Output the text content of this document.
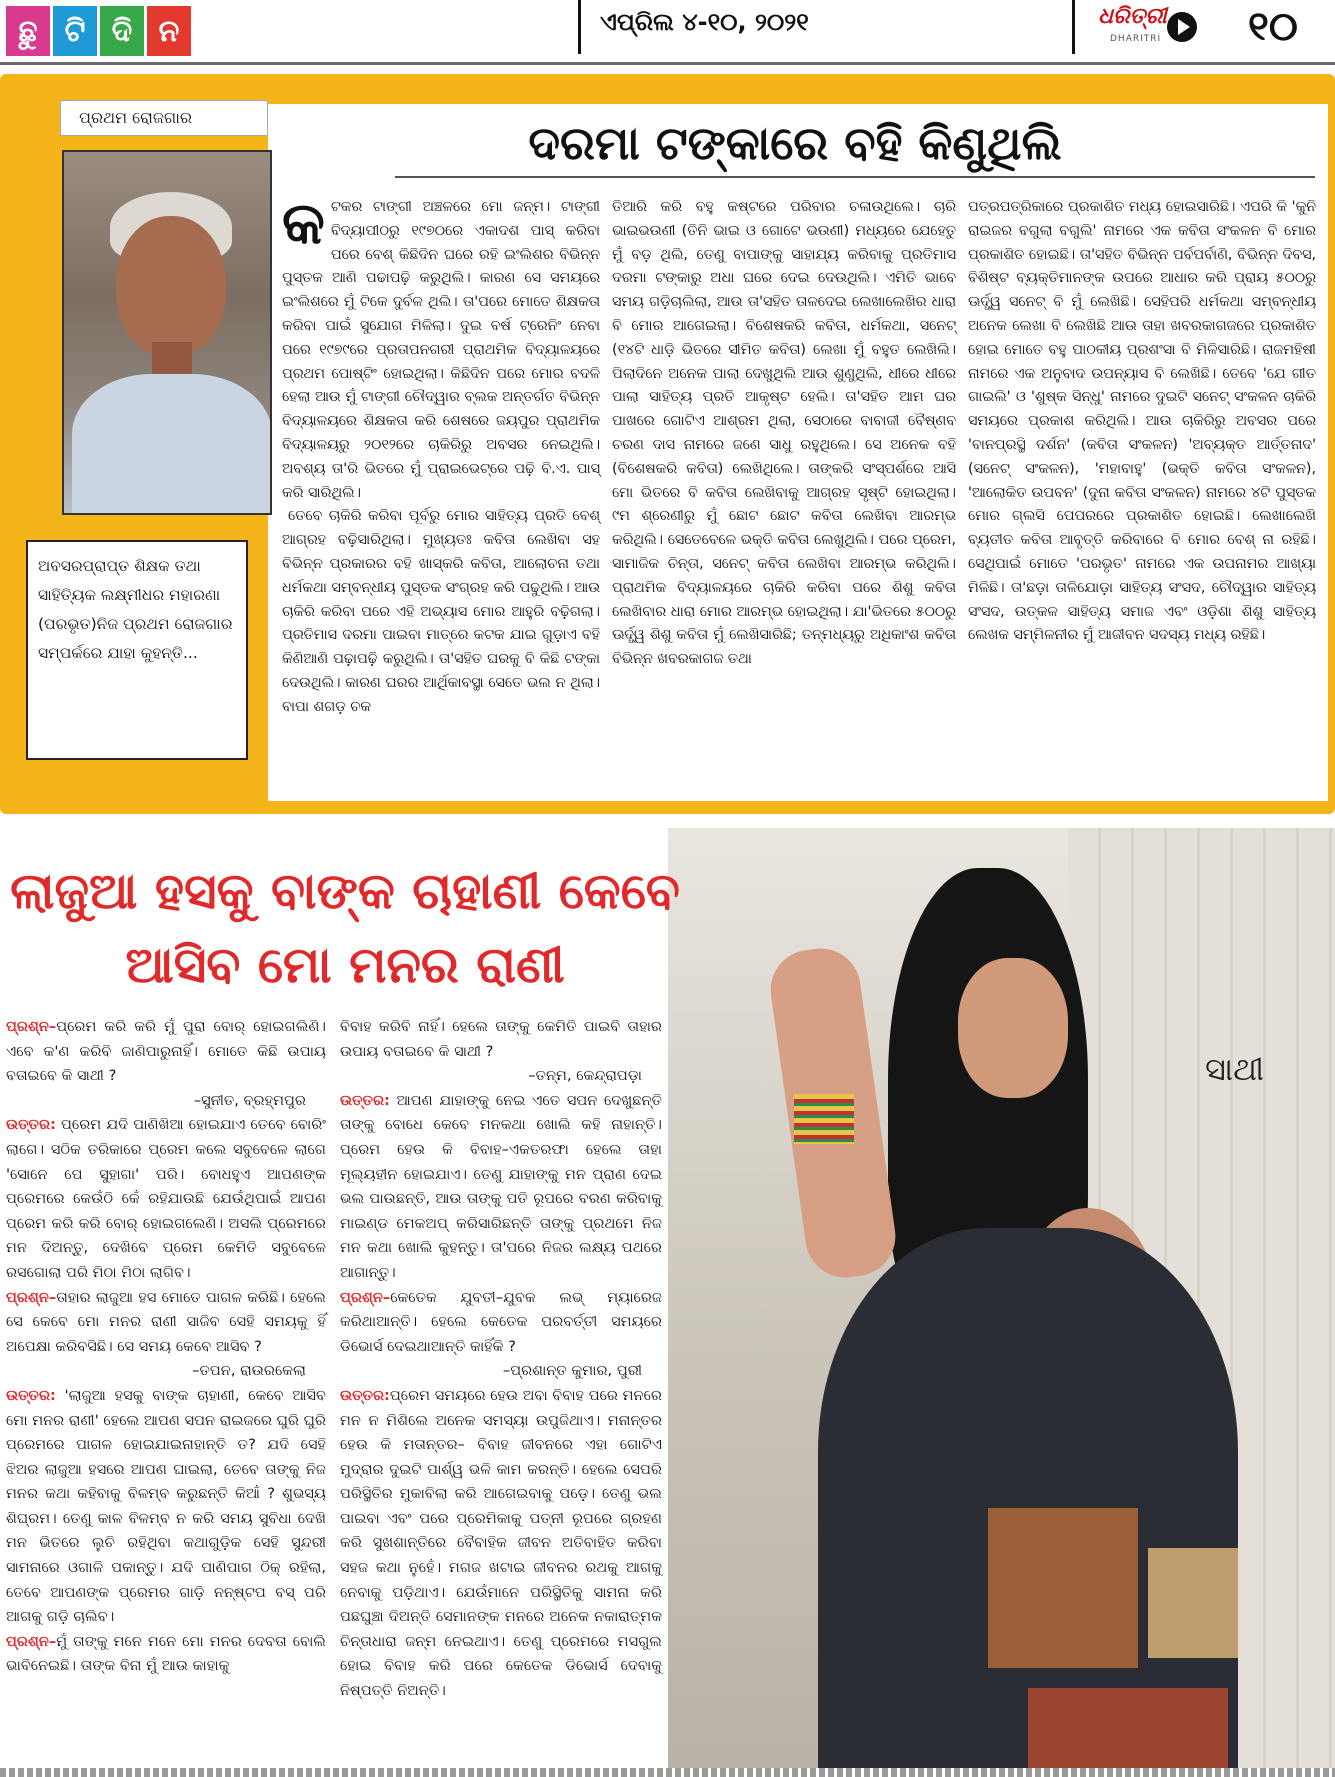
ଛୁ ଟି ଦି ନ	ଏପ୍ରିଲ ୪-୧୦, ୨୦୨୧	ଧରିତ୍ରୀ
DHARITRI ୧୦
ପ୍ରଥମ ରୋଜଗାର
ଅବସରପ୍ରାପ୍ତ ଶିକ୍ଷକ ତଥା ସାହିତ୍ୟିକ ଲକ୍ଷ୍ମୀଧର ମହାରଣା (ପରଭୃତ)ନିଜ ପ୍ରଥମ ରୋଜଗାର ସମ୍ପର୍କରେ ଯାହା କୁହନ୍ତି...
ଦରମା ଟଙ୍କାରେ ବହି କିଣୁଥିଲି
କ ଟକର ଟାଙ୍ଗୀ ଅଞ୍ଚଳରେ ମୋ ଜନ୍ମ। ଟାଙ୍ଗୀ ବିଦ୍ୟାପୀଠରୁ ୧୯୭୦ରେ ଏକାଦଶ ପାସ୍ କରିବା ପରେ ବେଶ୍ କିଛିଦିନ ଘରେ ରହି ଇଂଲିଶର ବିଭିନ୍ନ ପୁସ୍ତକ ଆଣି ପଢାପଢ଼ି କରୁଥିଲି। କାରଣ ସେ ସମୟରେ ଇଂଲିଶରେ ମୁଁ ଟିକେ ଦୁର୍ବଳ ଥିଲି। ତା'ପରେ ମୋତେ ଶିକ୍ଷକତା କରିବା ପାଇଁ ସୁଯୋଗ ମିଳିଲା। ଦୁଇ ବର୍ଷ ଟ୍ରେନିଂ ନେବା ପରେ ୧୯୭୯ରେ ପ୍ରତାପନଗରୀ ପ୍ରାଥମିକ ବିଦ୍ୟାଳୟରେ ପ୍ରଥମ ପୋଷ୍ଟିଂ ହୋଇଥିଲା। କିଛିଦିନ ପରେ ମୋର ବଦଳି ହେଲା ଆଉ ମୁଁ ଟାଙ୍ଗୀ ଚୌଦ୍ୱାର ବ୍ଲକ ଅନ୍ତର୍ଗତ ବିଭିନ୍ନ ବିଦ୍ୟାଳୟରେ ଶିକ୍ଷକତା କରି ଶେଷରେ ଜୟପୁର ପ୍ରାଥମିକ ବିଦ୍ୟାଳୟରୁ ୨୦୧୨ରେ ଚାକିରିରୁ ଅବସର ନେଇଥିଲି। ଅବଶ୍ୟ ତା'ରି ଭିତରେ ମୁଁ ପ୍ରାଇଭେଟ୍‌ରେ ପଢ଼ି ବି.ଏ. ପାସ୍ କରି ସାରିଥିଲି।
ତେବେ ଚାକିରି କରିବା ପୂର୍ବରୁ ମୋର ସାହିତ୍ୟ ପ୍ରତି ବେଶ୍ ଆଗ୍ରହ ବଢ଼ିସାରିଥିଲା। ମୁଖ୍ୟତଃ କବିତା ଲେଖିବା ସହ ବିଭିନ୍ନ ପ୍ରକାରର ବହି ଖାସ୍‌କରି କବିତା, ଆଲୋଚନା ତଥା ଧର୍ମକଥା ସମ୍ବନ୍ଧୀୟ ପୁସ୍ତକ ସଂଗ୍ରହ କରି ପଢୁଥିଲି। ଆଉ ଚାକିରି କରିବା ପରେ ଏହି ଅଭ୍ୟାସ ମୋର ଆହୁରି ବଢ଼ିଗଲା। ପ୍ରତିମାସ ଦରମା ପାଇବା ମାତ୍ରେ କଟକ ଯାଇ ଗୁଡ଼ାଏ ବହି କିଣିଆଣି ପଢ଼ାପଢ଼ି କରୁଥିଲି। ତା'ସହିତ ଘରକୁ ବି କିଛି ଟଙ୍କା ଦେଉଥିଲି। କାରଣ ଘରର ଆର୍ଥିକାବସ୍ଥା ସେତେ ଭଲ ନ ଥିଲା। ବାପା ଶଗଡ଼ ଚକ
ତିଆରି କରି ବହୁ କଷ୍ଟରେ ପରିବାର ଚଳାଉଥିଲେ। ଚାରି ଭାଇଭଉଣୀ (ତିନି ଭାଇ ଓ ଗୋଟେ ଭଉଣୀ) ମଧ୍ୟରେ ଯେହେତୁ ମୁଁ ବଡ଼ ଥିଲି, ତେଣୁ ବାପାଙ୍କୁ ସାହାଯ୍ୟ କରିବାକୁ ପ୍ରତିମାସ ଦରମା ଟଙ୍କାରୁ ଅଧା ଘରେ ଦେଇ ଦେଉଥିଲି। ଏମିତି ଭାବେ ସମୟ ଗଡ଼ିଚାଲିଲା, ଆଉ ତା'ସହିତ ତାଳଦେଇ ଲେଖାଲେଖିର ଧାରା ବି ମୋର ଆଗେଇଲା। ବିଶେଷକରି କବିତା, ଧର୍ମକଥା, ସନେଟ୍ (୧୪ଟି ଧାଡ଼ି ଭିତରେ ସୀମିତ କବିତା) ଲେଖା ମୁଁ ବହୁତ ଲେଖିଲି। ପିଲାଦିନେ ଅନେକ ପାଲା ଦେଖୁଥିଲି ଆଉ ଶୁଣୁଥିଲି, ଧୀରେ ଧୀରେ ପାଲା ସାହିତ୍ୟ ପ୍ରତି ଆକୃଷ୍ଟ ହେଲି। ତା'ସହିତ ଆମ ଘର ପାଖରେ ଗୋଟିଏ ଆଶ୍ରମ ଥିଲା, ସେଠାରେ ବାବାଜୀ ବୈଷ୍ଣବ ଚରଣ ଦାସ ନାମରେ ଜଣେ ସାଧୁ ରହୁଥିଲେ। ସେ ଅନେକ ବହି (ବିଶେଷକରି କବିତା) ଲେଖିଥିଲେ। ତାଙ୍କରି ସଂସ୍ପର୍ଶରେ ଆସି ମୋ ଭିତରେ ବି କବିତା ଲେଖିବାକୁ ଆଗ୍ରହ ସୃଷ୍ଟି ହୋଇଥିଲା। ୯ମ ଶ୍ରେଣୀରୁ ମୁଁ ଛୋଟ ଛୋଟ କବିତା ଲେଖିବା ଆରମ୍ଭ କରିଥିଲି। ସେତେବେଳେ ଭକ୍ତି କବିତା ଲେଖୁଥିଲି। ପରେ ପ୍ରେମ, ସାମାଜିକ ଚିନ୍ତା, ସନେଟ୍ କବିତା ଲେଖିବା ଆରମ୍ଭ କରିଥିଲି। ପ୍ରାଥମିକ ବିଦ୍ୟାଳୟରେ ଚାକିରି କରିବା ପରେ ଶିଶୁ କବିତା ଲେଖିବାର ଧାରା ମୋର ଆରମ୍ଭ ହୋଇଥିଲା। ଯା'ଭିତରେ ୫୦୦ରୁ ଊର୍ଦ୍ଧ୍ୱ ଶିଶୁ କବିତା ମୁଁ ଲେଖିସାରିଛି; ତନ୍ମଧ୍ୟରୁ ଅଧିକାଂଶ କବିତା ବିଭିନ୍ନ ଖବରକାଗଜ ତଥା
ପତ୍ରପତ୍ରିକାରେ ପ୍ରକାଶିତ ମଧ୍ୟ ହୋଇସାରିଛି। ଏପରି କି 'କୁନି ରାଇଜର ବଗୁଲା ବଗୁଲି' ନାମରେ ଏକ କବିତା ସଂକଳନ ବି ମୋର ପ୍ରକାଶିତ ହୋଇଛି। ତା'ସହିତ ବିଭିନ୍ନ ପର୍ବପର୍ବାଣି, ବିଭିନ୍ନ ଦିବସ, ବିଶିଷ୍ଟ ବ୍ୟକ୍ତିମାନଙ୍କ ଉପରେ ଆଧାର କରି ପ୍ରାୟ ୫୦୦ରୁ ଊର୍ଦ୍ଧ୍ୱ ସନେଟ୍ ବି ମୁଁ ଲେଖିଛି। ସେହିପରି ଧର୍ମକଥା ସମ୍ବନ୍ଧୀୟ ଅନେକ ଲେଖା ବି ଲେଖିଛି ଆଉ ତାହା ଖବରକାଗଜରେ ପ୍ରକାଶିତ ହୋଇ ମୋତେ ବହୁ ପାଠକୀୟ ପ୍ରଶଂସା ବି ମିଳିସାରିଛି। ରାଜମହିଷୀ ନାମରେ ଏକ ଅନୁବାଦ ଉପନ୍ୟାସ ବି ଲେଖିଛି। ତେବେ 'ଯେ ଗୀତ ଗାଇଲି' ଓ 'ଶୁଷ୍କ ସିନ୍ଧୁ' ନାମରେ ଦୁଇଟି ସନେଟ୍ ସଂକଳନ ଚାକିରି ସମୟରେ ପ୍ରକାଶ କରିଥିଲି। ଆଉ ଚାକିରିରୁ ଅବସର ପରେ 'ବାନପ୍ରସ୍ଥି ଦର୍ଶନ' (କବିତା ସଂକଳନ) 'ଅବ୍ୟକ୍ତ ଆର୍ତ୍ତନାଦ' (ସନେଟ୍ ସଂକଳନ), 'ମହାବାହୁ' (ଭକ୍ତି କବିତା ସଂକଳନ), 'ଆଲୋକିତ ଉପବନ' (ଦୁନା କବିତା ସଂକଳନ) ନାମରେ ୪ଟି ପୁସ୍ତକ ମୋର ଗ୍ଲସି ପେପରରେ ପ୍ରକାଶିତ ହୋଇଛି। ଲେଖାଲେଖି ବ୍ୟତୀତ କବିତା ଆବୃତ୍ତି କରିବାରେ ବି ମୋର ବେଶ୍ ନା ରହିଛି। ସେଥିପାଇଁ ମୋତେ 'ପରଭୃତ' ନାମରେ ଏକ ଉପନାମର ଆଖ୍ୟା ମିଳିଛି। ତା'ଛଡ଼ା ତାଳିଯୋଡ଼ା ସାହିତ୍ୟ ସଂସଦ, ଚୌଦ୍ୱାର ସାହିତ୍ୟ ସଂସଦ, ଉତ୍କଳ ସାହିତ୍ୟ ସମାଜ ଏବଂ ଓଡ଼ିଶା ଶିଶୁ ସାହିତ୍ୟ ଲେଖକ ସମ୍ମିଳନୀର ମୁଁ ଆଜୀବନ ସଦସ୍ୟ ମଧ୍ୟ ରହିଛି।
ସାଥୀ
ଲାଜୁଆ ହସକୁ ବାଙ୍କ ଚାହାଣୀ କେବେ
ଆସିବ ମୋ ମନର ରାଣୀ
ପ୍ରଶ୍ନ–ପ୍ରେମ କରି କରି ମୁଁ ପୁରା ବୋର୍ ହୋଇଗଲିଣି। ଏବେ କ'ଣ କରିବି ଜାଣିପାରୁନାହିଁ। ମୋତେ କିଛି ଉପାୟ ବତାଇବେ କି ସାଥୀ ?
–ସୁନୀତ, ବ୍ରହ୍ମପୁର
ଉତ୍ତର: ପ୍ରେମ ଯଦି ପାଣିଖିଆ ହୋଇଯାଏ ତେବେ ବୋରିଂ ଲାଗେ। ସଠିକ ତରିକାରେ ପ୍ରେମ କଲେ ସବୁବେଳେ ଲାଗେ 'ସୋନେ ପେ ସୁହାଗା' ପରି। ବୋଧହୁଏ ଆପଣଙ୍କ ପ୍ରେମରେ କେଉଁଠି କେଁ ରହିଯାଉଛି ଯେଉଁଥିପାଇଁ ଆପଣ ପ୍ରେମ କରି କରି ବୋର୍ ହୋଇଗଲେଣି। ଅସଲି ପ୍ରେମରେ ମନ ଦିଅନ୍ତୁ, ଦେଖିବେ ପ୍ରେମ କେମିତି ସବୁବେଳେ ରସଗୋଲା ପରି ମିଠା ମିଠା ଲାଗିବ।
ପ୍ରଶ୍ନ–ତାହାର ଲାଜୁଆ ହସ ମୋତେ ପାଗଳ କରିଛି। ହେଲେ ସେ କେବେ ମୋ ମନର ରାଣୀ ସାଜିବ ସେହି ସମୟକୁ ହିଁ ଅପେକ୍ଷା କରିବସିଛି। ସେ ସମୟ କେବେ ଆସିବ ?
–ତପନ, ରାଉରକେଲା
ଉତ୍ତର: 'ଲାଜୁଆ ହସକୁ ବାଙ୍କ ଚାହାଣୀ, କେବେ ଆସିବ ମୋ ମନର ରାଣୀ' ହେଲେ ଆପଣ ସପନ ରାଇଜରେ ଘୁରି ଘୁରି ପ୍ରେମରେ ପାଗଳ ହୋଇଯାଇନାହାନ୍ତି ତ? ଯଦି ସେହି ଝିଅର ଲାଜୁଆ ହସରେ ଆପଣ ଘାଇଲା, ତେବେ ତାଙ୍କୁ ନିଜ ମନର କଥା କହିବାକୁ ବିଳମ୍ବ କରୁଛନ୍ତି କିଆଁ ? ଶୁଭସ୍ୟ ଶିଘ୍ରମ। ତେଣୁ କାଳ ବିଳମ୍ବ ନ କରି ସମୟ ସୁବିଧା ଦେଖି ମନ ଭିତରେ ଲୁଚି ରହିଥିବା କଥାଗୁଡ଼ିକ ସେହି ସୁନ୍ଦରୀ ସାମନାରେ ଓଗାଳି ପକାନ୍ତୁ। ଯଦି ପାଣିପାଗ ଠିକ୍ ରହିଲା, ତେବେ ଆପଣଙ୍କ ପ୍ରେମର ଗାଡ଼ି ନନ୍ଷ୍ଟପ ବସ୍ ପରି ଆଗକୁ ଗଡ଼ି ଚାଲିବ।
ପ୍ରଶ୍ନ–ମୁଁ ତାଙ୍କୁ ମନେ ମନେ ମୋ ମନର ଦେବତା ବୋଲି ଭାବିନେଇଛି। ତାଙ୍କ ବିନା ମୁଁ ଆଉ କାହାକୁ
ବିବାହ କରିବି ନାହିଁ। ହେଲେ ତାଙ୍କୁ କେମିତି ପାଇବି ତାହାର ଉପାୟ ବତାଇବେ କି ସାଥୀ ?
–ତନ୍ମ, କେନ୍ଦ୍ରାପଡ଼ା
ଉତ୍ତର: ଆପଣ ଯାହାଙ୍କୁ ନେଇ ଏତେ ସପନ ଦେଖୁଛନ୍ତି ତାଙ୍କୁ ବୋଧେ କେବେ ମନକଥା ଖୋଲି କହି ନାହାନ୍ତି। ପ୍ରେମ ହେଉ କି ବିବାହ–ଏକତରଫା ହେଲେ ତାହା ମୂଲ୍ୟହୀନ ହୋଇଯାଏ। ତେଣୁ ଯାହାଙ୍କୁ ମନ ପ୍ରାଣ ଦେଇ ଭଲ ପାଉଛନ୍ତି, ଆଉ ତାଙ୍କୁ ପତି ରୂପରେ ବରଣ କରିବାକୁ ମାଇଣ୍ଡ ମେକଅପ୍ କରିସାରିଛନ୍ତି ତାଙ୍କୁ ପ୍ରଥମେ ନିଜ ମନ କଥା ଖୋଲି କୁହନ୍ତୁ। ତା'ପରେ ନିଜର ଲକ୍ଷ୍ୟ ପଥରେ ଆଗାନ୍ତୁ।
ପ୍ରଶ୍ନ–କେତେକ ଯୁବତୀ–ଯୁବକ ଲଭ୍ ମ୍ୟାରେଜ କରିଥାଆନ୍ତି। ହେଲେ କେତେକ ପରବର୍ତ୍ତୀ ସମୟରେ ଡିଭୋର୍ସ ଦେଇଥାଆନ୍ତି କାହିଁକି ?
–ପ୍ରଶାନ୍ତ କୁମାର, ପୁରୀ
ଉତ୍ତର:ପ୍ରେମ ସମୟରେ ହେଉ ଅବା ବିବାହ ପରେ ମନରେ ମନ ନ ମିଶିଲେ ଅନେକ ସମସ୍ୟା ଉପୁଜିଥାଏ। ମନାନ୍ତର ହେଉ କି ମତାନ୍ତର– ବିବାହ ଜୀବନରେ ଏହା ଗୋଟିଏ ମୁଦ୍ରାର ଦୁଇଟି ପାର୍ଶ୍ୱ ଭଳି କାମ କରନ୍ତି। ହେଲେ ସେପରି ପରିସ୍ଥିତିର ମୁକାବିଲା କରି ଆଗେଇବାକୁ ପଡ଼େ। ତେଣୁ ଭଲ ପାଇବା ଏବଂ ପରେ ପ୍ରେମିକାକୁ ପତ୍ନୀ ରୂପରେ ଗ୍ରହଣ କରି ସୁଖଶାନ୍ତିରେ ବୈବାହିକ ଜୀବନ ଅତିବାହିତ କରିବା ସହଜ କଥା ନୁହେଁ। ମଗଜ ଖଟାଇ ଜୀବନର ରଥକୁ ଆଗକୁ ନେବାକୁ ପଡ଼ିଥାଏ। ଯେଉଁମାନେ ପରିସ୍ଥିତିକୁ ସାମନା କରି ପଛଘୁଞ୍ଚା ଦିଅନ୍ତି ସେମାନଙ୍କ ମନରେ ଅନେକ ନକାରାତ୍ମକ ଚିନ୍ତାଧାରା ଜନ୍ମ ନେଇଥାଏ। ତେଣୁ ପ୍ରେମରେ ମସଗୁଲ ହୋଇ ବିବାହ କରି ପରେ କେତେକ ଡିଭୋର୍ସ ଦେବାକୁ ନିଷ୍ପତ୍ତି ନିଅନ୍ତି।
